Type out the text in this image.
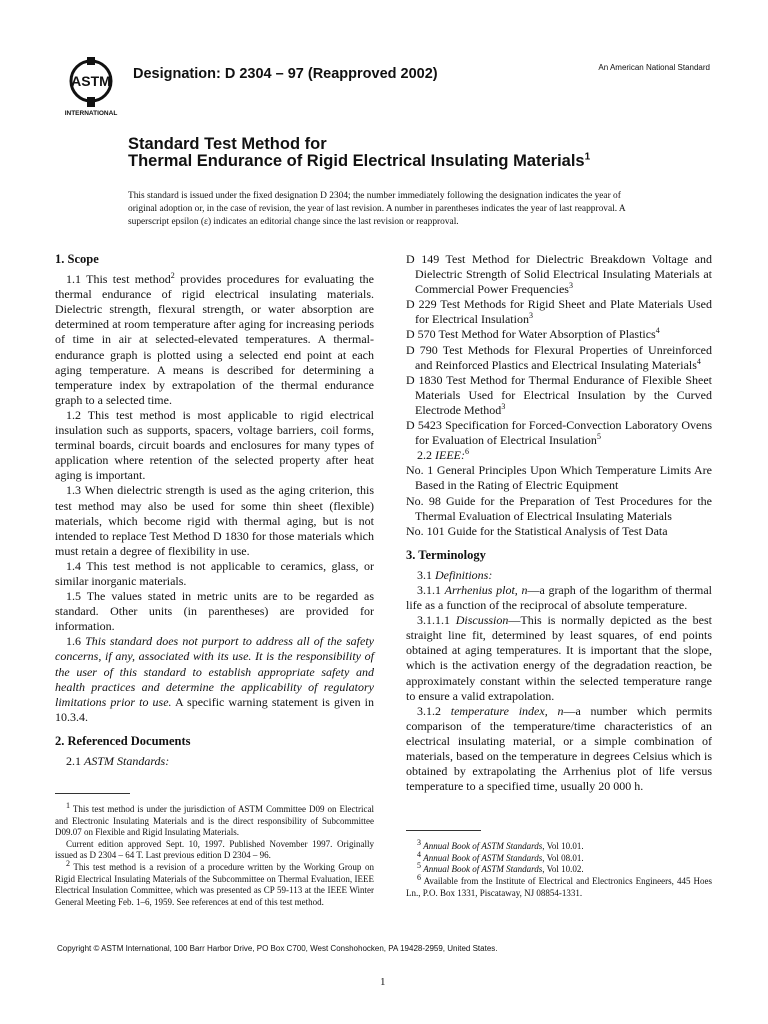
ASTM
INTERNATIONAL
Designation: D 2304 – 97 (Reapproved 2002)	An American National Standard
Standard Test Method for
Thermal Endurance of Rigid Electrical Insulating Materials$^1$
This standard is issued under the fixed designation D 2304; the number immediately following the designation indicates the year of original adoption or, in the case of revision, the year of last revision. A number in parentheses indicates the year of last reapproval. A superscript epsilon (ε) indicates an editorial change since the last revision or reapproval.
1. Scope

1.1 This test method$^2$ provides procedures for evaluating the thermal endurance of rigid electrical insulating materials. Dielectric strength, flexural strength, or water absorption are determined at room temperature after aging for increasing periods of time in air at selected-elevated temperatures. A thermal-endurance graph is plotted using a selected end point at each aging temperature. A means is described for determining a temperature index by extrapolation of the thermal endurance graph to a selected time.

1.2 This test method is most applicable to rigid electrical insulation such as supports, spacers, voltage barriers, coil forms, terminal boards, circuit boards and enclosures for many types of application where retention of the selected property after heat aging is important.

1.3 When dielectric strength is used as the aging criterion, this test method may also be used for some thin sheet (flexible) materials, which become rigid with thermal aging, but is not intended to replace Test Method D 1830 for those materials which must retain a degree of flexibility in use.

1.4 This test method is not applicable to ceramics, glass, or similar inorganic materials.

1.5 The values stated in metric units are to be regarded as standard. Other units (in parentheses) are provided for information.

1.6 This standard does not purport to address all of the safety concerns, if any, associated with its use. It is the responsibility of the user of this standard to establish appropriate safety and health practices and determine the applicability of regulatory limitations prior to use. A specific warning statement is given in 10.3.4.

2. Referenced Documents

2.1 ASTM Standards:

$^1$ This test method is under the jurisdiction of ASTM Committee D09 on Electrical and Electronic Insulating Materials and is the direct responsibility of Subcommittee D09.07 on Flexible and Rigid Insulating Materials.

Current edition approved Sept. 10, 1997. Published November 1997. Originally issued as D 2304 – 64 T. Last previous edition D 2304 – 96.

$^2$ This test method is a revision of a procedure written by the Working Group on Rigid Electrical Insulating Materials of the Subcommittee on Thermal Evaluation, IEEE Electrical Insulation Committee, which was presented as CP 59-113 at the IEEE Winter General Meeting Feb. 1–6, 1959. See references at end of this test method.

D 149 Test Method for Dielectric Breakdown Voltage and Dielectric Strength of Solid Electrical Insulating Materials at Commercial Power Frequencies$^3$

D 229 Test Methods for Rigid Sheet and Plate Materials Used for Electrical Insulation$^3$

D 570 Test Method for Water Absorption of Plastics$^4$

D 790 Test Methods for Flexural Properties of Unreinforced and Reinforced Plastics and Electrical Insulating Materials$^4$

D 1830 Test Method for Thermal Endurance of Flexible Sheet Materials Used for Electrical Insulation by the Curved Electrode Method$^3$

D 5423 Specification for Forced-Convection Laboratory Ovens for Evaluation of Electrical Insulation$^5$

2.2 IEEE:$^6$

No. 1 General Principles Upon Which Temperature Limits Are Based in the Rating of Electric Equipment

No. 98 Guide for the Preparation of Test Procedures for the Thermal Evaluation of Electrical Insulating Materials

No. 101 Guide for the Statistical Analysis of Test Data

3. Terminology

3.1 Definitions:

3.1.1 Arrhenius plot, n—a graph of the logarithm of thermal life as a function of the reciprocal of absolute temperature.

3.1.1.1 Discussion—This is normally depicted as the best straight line fit, determined by least squares, of end points obtained at aging temperatures. It is important that the slope, which is the activation energy of the degradation reaction, be approximately constant within the selected temperature range to ensure a valid extrapolation.

3.1.2 temperature index, n—a number which permits comparison of the temperature/time characteristics of an electrical insulating material, or a simple combination of materials, based on the temperature in degrees Celsius which is obtained by extrapolating the Arrhenius plot of life versus temperature to a specified time, usually 20 000 h.

$^3$ Annual Book of ASTM Standards, Vol 10.01.

$^4$ Annual Book of ASTM Standards, Vol 08.01.

$^5$ Annual Book of ASTM Standards, Vol 10.02.

$^6$ Available from the Institute of Electrical and Electronics Engineers, 445 Hoes Ln., P.O. Box 1331, Piscataway, NJ 08854-1331.

Copyright © ASTM International, 100 Barr Harbor Drive, PO Box C700, West Conshohocken, PA 19428-2959, United States.
1
